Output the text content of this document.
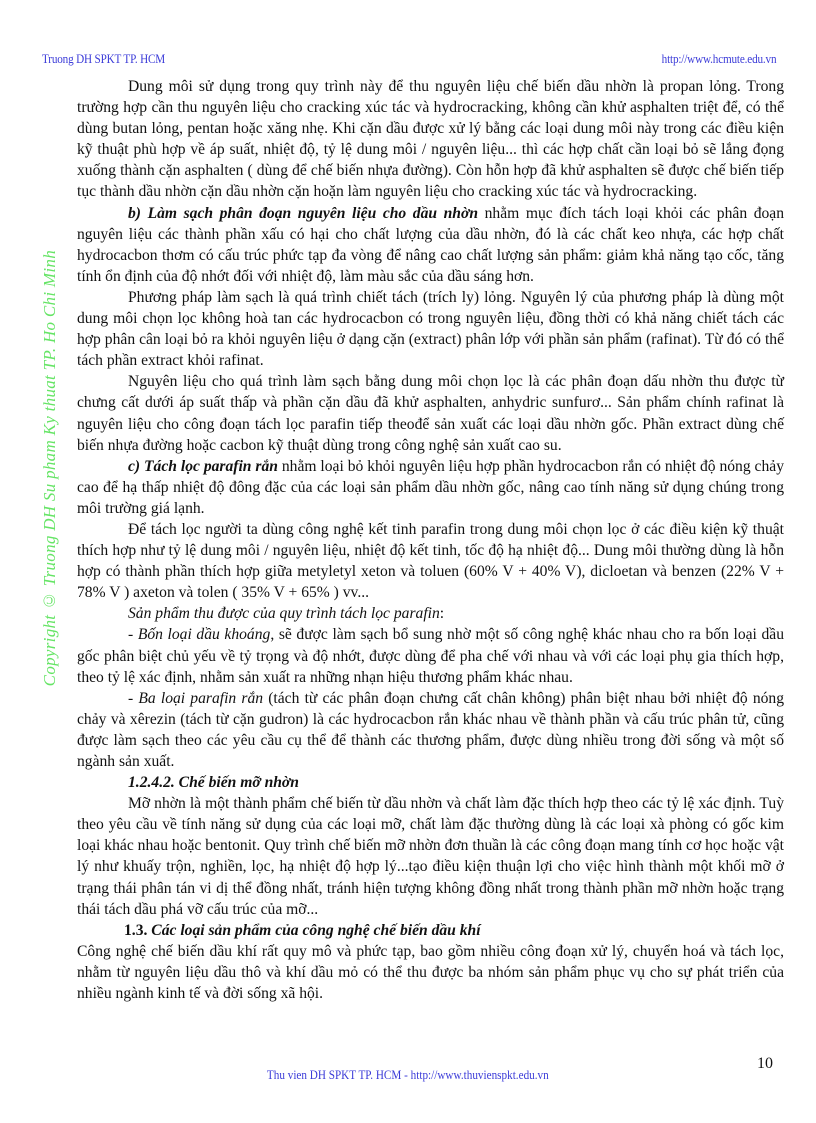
Truong DH SPKT TP. HCM	http://www.hcmute.edu.vn

Dung môi sử dụng trong quy trình này để thu nguyên liệu chế biến dầu nhờn là propan lỏng. Trong trường hợp cần thu nguyên liệu cho cracking xúc tác và hydrocracking, không cần khử asphalten triệt để, có thể dùng butan lỏng, pentan hoặc xăng nhẹ. Khi cặn dầu được xử lý bằng các loại dung môi này trong các điều kiện kỹ thuật phù hợp về áp suất, nhiệt độ, tỷ lệ dung môi / nguyên liệu... thì các hợp chất cần loại bỏ sẽ lắng đọng xuống thành cặn asphalten ( dùng để chế biến nhựa đường). Còn hỗn hợp đã khử asphalten sẽ được chế biến tiếp tục thành dầu nhờn cặn dầu nhờn cặn hoặn làm nguyên liệu cho cracking xúc tác và hydrocracking.

b) Làm sạch phân đoạn nguyên liệu cho dầu nhờn nhằm mục đích tách loại khỏi các phân đoạn nguyên liệu các thành phần xấu có hại cho chất lượng của dầu nhờn, đó là các chất keo nhựa, các hợp chất hydrocacbon thơm có cấu trúc phức tạp đa vòng để nâng cao chất lượng sản phẩm: giảm khả năng tạo cốc, tăng tính ổn định của độ nhớt đối với nhiệt độ, làm màu sắc của dầu sáng hơn.

Phương pháp làm sạch là quá trình chiết tách (trích ly) lỏng. Nguyên lý của phương pháp là dùng một dung môi chọn lọc không hoà tan các hydrocacbon có trong nguyên liệu, đồng thời có khả năng chiết tách các hợp phân cân loại bỏ ra khỏi nguyên liệu ở dạng cặn (extract) phân lớp với phần sản phẩm (rafinat). Từ đó có thể tách phần extract khỏi rafinat.

Nguyên liệu cho quá trình làm sạch bằng dung môi chọn lọc là các phân đoạn dấu nhờn thu được từ chưng cất dưới áp suất thấp và phần cặn dầu đã khử asphalten, anhydric sunfurơ... Sản phẩm chính rafinat là nguyên liệu cho công đoạn tách lọc parafin tiếp theođể sản xuất các loại dầu nhờn gốc. Phần extract dùng chế biến nhựa đường hoặc cacbon kỹ thuật dùng trong công nghệ sản xuất cao su.

c) Tách lọc parafin rắn nhằm loại bỏ khỏi nguyên liệu hợp phần hydrocacbon rắn có nhiệt độ nóng chảy cao để hạ thấp nhiệt độ đông đặc của các loại sản phẩm dầu nhờn gốc, nâng cao tính năng sử dụng chúng trong môi trường giá lạnh.

Để tách lọc người ta dùng công nghệ kết tinh parafin trong dung môi chọn lọc ở các điều kiện kỹ thuật thích hợp như tỷ lệ dung môi / nguyên liệu, nhiệt độ kết tinh, tốc độ hạ nhiệt độ... Dung môi thường dùng là hỗn hợp có thành phần thích hợp giữa metyletyl xeton và toluen (60% V + 40% V), dicloetan và benzen (22% V + 78% V ) axeton và tolen ( 35% V + 65% ) vv...

Sản phẩm thu được của quy trình tách lọc parafin:

- Bốn loại dầu khoáng, sẽ được làm sạch bổ sung nhờ một số công nghệ khác nhau cho ra bốn loại dầu gốc phân biệt chủ yếu về tỷ trọng và độ nhớt, được dùng để pha chế với nhau và với các loại phụ gia thích hợp, theo tỷ lệ xác định, nhằm sản xuất ra những nhạn hiệu thương phẩm khác nhau.

- Ba loại parafin rắn (tách từ các phân đoạn chưng cất chân không) phân biệt nhau bởi nhiệt độ nóng chảy và xêrezin (tách từ cặn gudron) là các hydrocacbon rắn khác nhau về thành phần và cấu trúc phân tử, cũng được làm sạch theo các yêu cầu cụ thể để thành các thương phẩm, được dùng nhiều trong đời sống và một số ngành sản xuất.

1.2.4.2. Chế biến mỡ nhờn

Mỡ nhờn là một thành phẩm chế biến từ dầu nhờn và chất làm đặc thích hợp theo các tỷ lệ xác định. Tuỳ theo yêu cầu về tính năng sử dụng của các loại mỡ, chất làm đặc thường dùng là các loại xà phòng có gốc kim loại khác nhau hoặc bentonit. Quy trình chế biến mỡ nhờn đơn thuần là các công đoạn mang tính cơ học hoặc vật lý như khuấy trộn, nghiền, lọc, hạ nhiệt độ hợp lý...tạo điều kiện thuận lợi cho việc hình thành một khối mỡ ở trạng thái phân tán vi dị thể đồng nhất, tránh hiện tượng không đồng nhất trong thành phần mỡ nhờn hoặc trạng thái tách dầu phá vỡ cấu trúc của mỡ...

1.3. Các loại sản phẩm của công nghệ chế biến dầu khí

Công nghệ chế biến dầu khí rất quy mô và phức tạp, bao gồm nhiều công đoạn xử lý, chuyển hoá và tách lọc, nhằm từ nguyên liệu dầu thô và khí dầu mỏ có thể thu được ba nhóm sản phẩm phục vụ cho sự phát triển của nhiều ngành kinh tế và đời sống xã hội.

Copyright © Truong DH Su pham Ky thuat TP. Ho Chi Minh
Thu vien DH SPKT TP. HCM - http://www.thuvienspkt.edu.vn
10
